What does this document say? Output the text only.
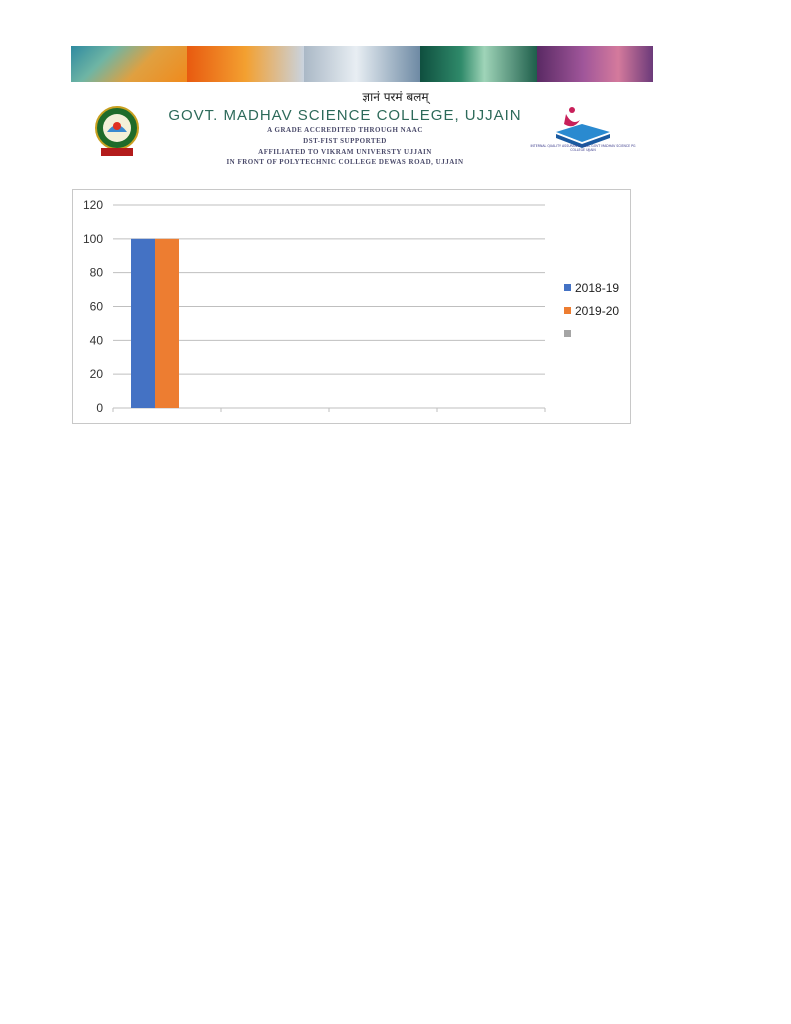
ज्ञानं परमं बलम्
GOVT. MADHAV SCIENCE COLLEGE, UJJAIN
A GRADE ACCREDITED THROUGH NAAC
DST-FIST SUPPORTED
AFFILIATED TO VIKRAM UNIVERSTY UJJAIN
IN FRONT OF POLYTECHNIC COLLEGE DEWAS ROAD, UJJAIN
INTERNAL QUALITY ASSURANCE CELL GOVT MADHAV SCIENCE PG COLLEGE UJJAIN
0
20
40
60
80
100
120
2018-19
2019-20
